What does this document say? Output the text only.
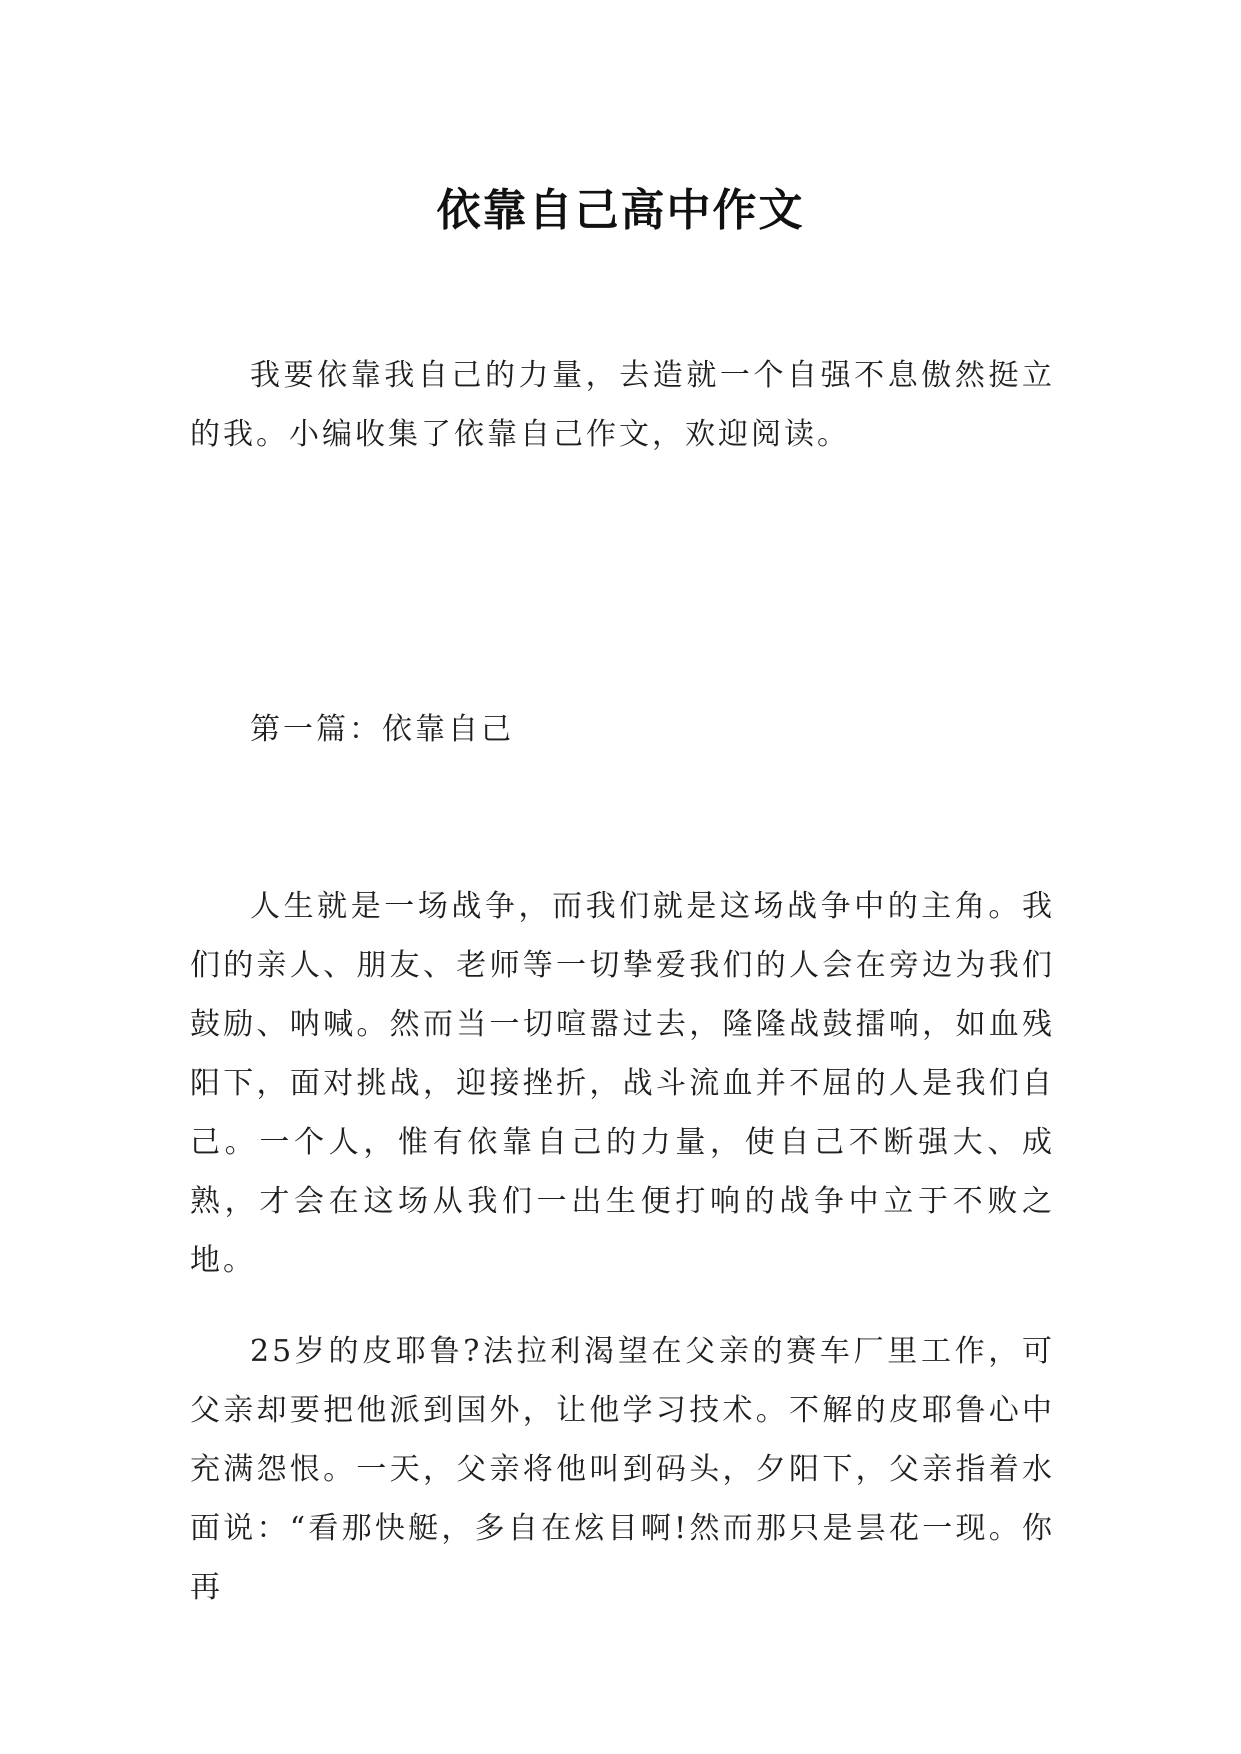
依靠自己高中作文

我要依靠我自己的力量，去造就一个自强不息傲然挺立的我。小编收集了依靠自己作文，欢迎阅读。

第一篇：依靠自己

人生就是一场战争，而我们就是这场战争中的主角。我们的亲人、朋友、老师等一切挚爱我们的人会在旁边为我们鼓励、呐喊。然而当一切喧嚣过去，隆隆战鼓擂响，如血残阳下，面对挑战，迎接挫折，战斗流血并不屈的人是我们自己。一个人，惟有依靠自己的力量，使自己不断强大、成熟，才会在这场从我们一出生便打响的战争中立于不败之地。

25岁的皮耶鲁?法拉利渴望在父亲的赛车厂里工作，可父亲却要把他派到国外，让他学习技术。不解的皮耶鲁心中充满怨恨。一天，父亲将他叫到码头，夕阳下，父亲指着水面说：“看那快艇，多自在炫目啊!然而那只是昙花一现。你再
